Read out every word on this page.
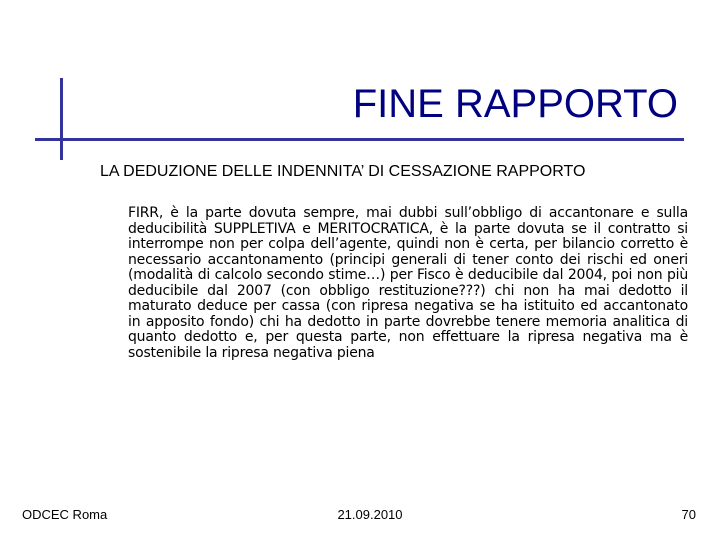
FINE RAPPORTO
LA DEDUZIONE DELLE INDENNITA’ DI CESSAZIONE RAPPORTO
FIRR, è la parte dovuta sempre, mai dubbi sull’obbligo di accantonare e sulla deducibilità SUPPLETIVA e MERITOCRATICA, è la parte dovuta se il contratto si interrompe non per colpa dell’agente, quindi non è certa, per bilancio corretto è necessario accantonamento (principi generali di tener conto dei rischi ed oneri (modalità di calcolo secondo stime…) per Fisco è deducibile dal 2004, poi non più deducibile dal 2007 (con obbligo restituzione???) chi non ha mai dedotto il maturato deduce per cassa (con ripresa negativa se ha istituito ed accantonato in apposito fondo) chi ha dedotto in parte dovrebbe tenere memoria analitica di quanto dedotto e, per questa parte, non effettuare la ripresa negativa ma è sostenibile la ripresa negativa piena
ODCEC Roma	21.09.2010	70
